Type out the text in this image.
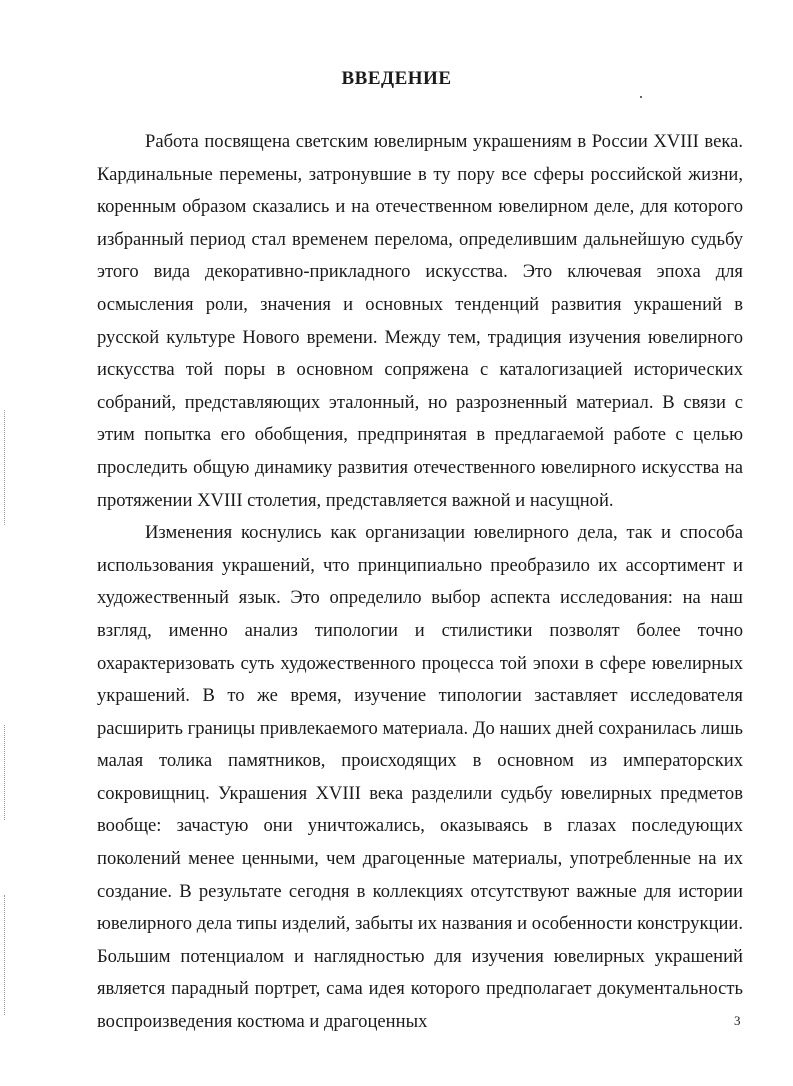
ВВЕДЕНИЕ

Работа посвящена светским ювелирным украшениям в России XVIII века. Кардинальные перемены, затронувшие в ту пору все сферы российской жизни, коренным образом сказались и на отечественном ювелирном деле, для которого избранный период стал временем перелома, определившим дальнейшую судьбу этого вида декоративно-прикладного искусства. Это ключевая эпоха для осмысления роли, значения и основных тенденций развития украшений в русской культуре Нового времени. Между тем, традиция изучения ювелирного искусства той поры в основном сопряжена с каталогизацией исторических собраний, представляющих эталонный, но разрозненный материал. В связи с этим попытка его обобщения, предпринятая в предлагаемой работе с целью проследить общую динамику развития отечественного ювелирного искусства на протяжении XVIII столетия, представляется важной и насущной.

Изменения коснулись как организации ювелирного дела, так и способа использования украшений, что принципиально преобразило их ассортимент и художественный язык. Это определило выбор аспекта исследования: на наш взгляд, именно анализ типологии и стилистики позволят более точно охарактеризовать суть художественного процесса той эпохи в сфере ювелирных украшений. В то же время, изучение типологии заставляет исследователя расширить границы привлекаемого материала. До наших дней сохранилась лишь малая толика памятников, происходящих в основном из императорских сокровищниц. Украшения XVIII века разделили судьбу ювелирных предметов вообще: зачастую они уничтожались, оказываясь в глазах последующих поколений менее ценными, чем драгоценные материалы, употребленные на их создание. В результате сегодня в коллекциях отсутствуют важные для истории ювелирного дела типы изделий, забыты их названия и особенности конструкции. Большим потенциалом и наглядностью для изучения ювелирных украшений является парадный портрет, сама идея которого предполагает документальность воспроизведения костюма и драгоценных	3
